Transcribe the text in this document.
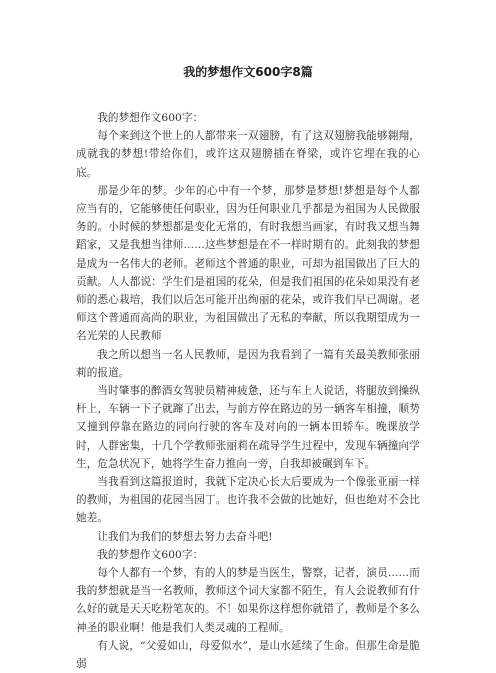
我的梦想作文600字8篇

我的梦想作文600字：

每个来到这个世上的人都带来一双翅膀，有了这双翅膀我能够翱翔，成就我的梦想!带给你们，或许这双翅膀插在脊梁，或许它埋在我的心底。

那是少年的梦。少年的心中有一个梦，那梦是梦想!梦想是每个人都应当有的，它能够使任何职业，因为任何职业几乎都是为祖国为人民做服务的。小时候的梦想都是变化无常的，有时我想当画家，有时我又想当舞蹈家，又是我想当律师……这些梦想是在不一样时期有的。此刻我的梦想是成为一名伟大的老师。老师这个普通的职业，可却为祖国做出了巨大的贡献。人人都说：学生们是祖国的花朵，但是我们祖国的花朵如果没有老师的悉心栽培，我们以后怎可能开出绚丽的花朵，或许我们早已凋谢。老师这个普通而高尚的职业，为祖国做出了无私的奉献，所以我期望成为一名光荣的人民教师

我之所以想当一名人民教师，是因为我看到了一篇有关最美教师张丽莉的报道。

当时肇事的醉酒女驾驶员精神疲惫，还与车上人说话，将腿放到操纵杆上，车辆一下子就蹿了出去，与前方停在路边的另一辆客车相撞，顺势又撞到停靠在路边的同向行驶的客车及对向的一辆本田轿车。晚课放学时，人群密集，十几个学教师张丽莉在疏导学生过程中，发现车辆撞向学生，危急状况下，她将学生奋力推向一旁，自我却被碾到车下。

当我看到这篇报道时，我就下定决心长大后要成为一个像张亚丽一样的教师，为祖国的花园当园丁。也许我不会做的比她好，但也绝对不会比她差。

让我们为我们的梦想去努力去奋斗吧!

我的梦想作文600字：

每个人都有一个梦，有的人的梦是当医生，警察，记者，演员……而我的梦想就是当一名教师，教师这个词大家都不陌生，有人会说教师有什么好的就是天天吃粉笔灰的。不！如果你这样想你就错了，教师是个多么神圣的职业啊！他是我们人类灵魂的工程师。

有人说，“父爱如山，母爱似水”，是山水延续了生命。但那生命是脆弱
